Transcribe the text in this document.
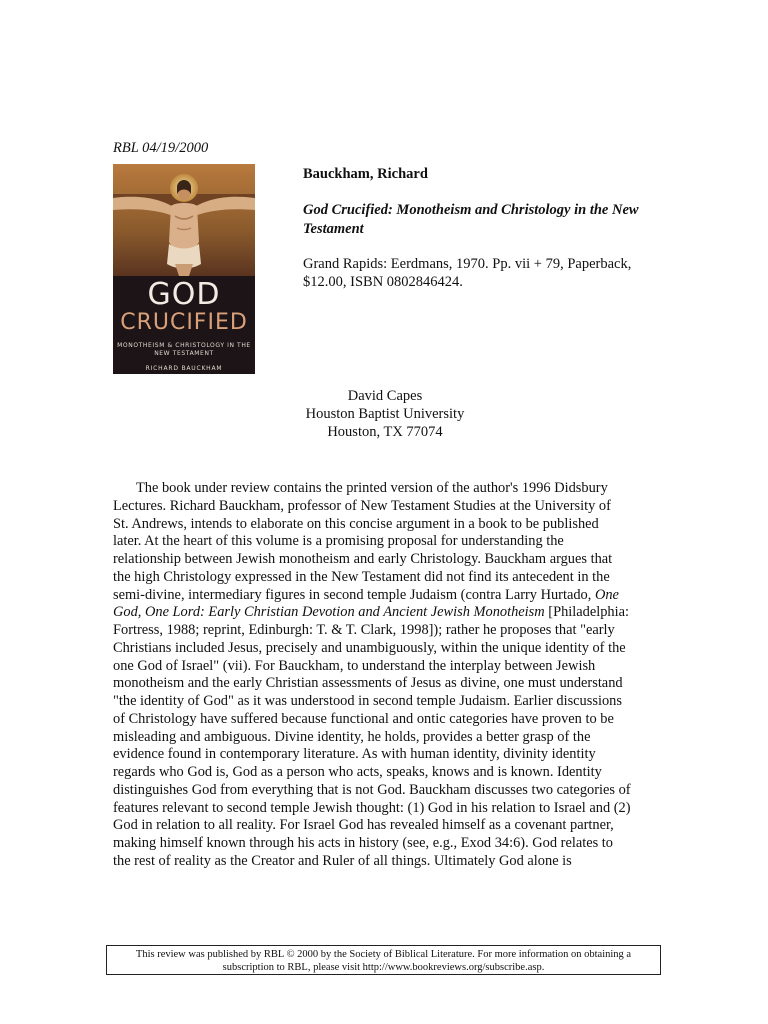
RBL 04/19/2000
GOD
CRUCIFIED
MONOTHEISM & CHRISTOLOGY IN THE NEW TESTAMENT
RICHARD BAUCKHAM
Bauckham, Richard
God Crucified: Monotheism and Christology in the New Testament
Grand Rapids: Eerdmans, 1970. Pp. vii + 79, Paperback,
$12.00, ISBN 0802846424.
David Capes
Houston Baptist University
Houston, TX 77074
The book under review contains the printed version of the author's 1996 Didsbury
Lectures. Richard Bauckham, professor of New Testament Studies at the University of
St. Andrews, intends to elaborate on this concise argument in a book to be published
later. At the heart of this volume is a promising proposal for understanding the
relationship between Jewish monotheism and early Christology. Bauckham argues that
the high Christology expressed in the New Testament did not find its antecedent in the
semi-divine, intermediary figures in second temple Judaism (contra Larry Hurtado, One
God, One Lord: Early Christian Devotion and Ancient Jewish Monotheism [Philadelphia:
Fortress, 1988; reprint, Edinburgh: T. & T. Clark, 1998]); rather he proposes that "early
Christians included Jesus, precisely and unambiguously, within the unique identity of the
one God of Israel" (vii). For Bauckham, to understand the interplay between Jewish
monotheism and the early Christian assessments of Jesus as divine, one must understand
"the identity of God" as it was understood in second temple Judaism. Earlier discussions
of Christology have suffered because functional and ontic categories have proven to be
misleading and ambiguous. Divine identity, he holds, provides a better grasp of the
evidence found in contemporary literature. As with human identity, divinity identity
regards who God is, God as a person who acts, speaks, knows and is known. Identity
distinguishes God from everything that is not God. Bauckham discusses two categories of
features relevant to second temple Jewish thought: (1) God in his relation to Israel and (2)
God in relation to all reality. For Israel God has revealed himself as a covenant partner,
making himself known through his acts in history (see, e.g., Exod 34:6). God relates to
the rest of reality as the Creator and Ruler of all things. Ultimately God alone is
This review was published by RBL © 2000 by the Society of Biblical Literature. For more information on obtaining a
subscription to RBL, please visit http://www.bookreviews.org/subscribe.asp.
